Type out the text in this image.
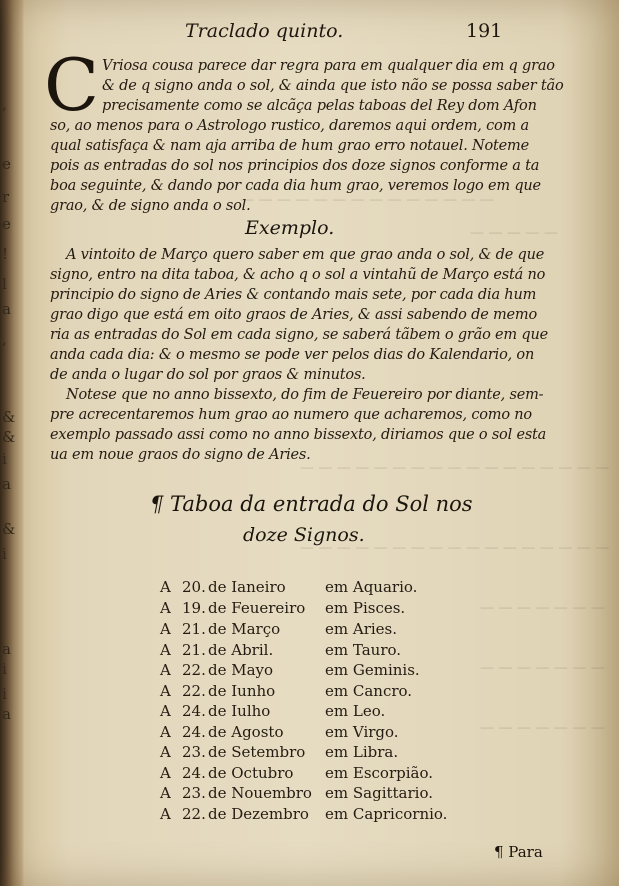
,
e
r
e
!
l
a
,
&
&
i
a
&
i
a
i
i
a
— — — — — — — — — — — — — —
— — — — —
— — — — — — — — — — — — — — — — —
— — — — — — — — — — — — — — — — —
— — — — — — —
— — — — — — —
— — — — — — —
Traclado quinto.	191
C Vriosa cousa parece dar regra para em qualquer dia em q grao
& de q signo anda o sol, & ainda que isto não se possa saber tão
precisamente como se alcãça pelas taboas del Rey dom Afon
so, ao menos para o Astrologo rustico, daremos aqui ordem, com a
qual satisfaça & nam aja arriba de hum grao erro notauel. Noteme
pois as entradas do sol nos principios dos doze signos conforme a ta
boa seguinte, & dando por cada dia hum grao, veremos logo em que
grao, & de signo anda o sol.
Exemplo.
A vintoito de Março quero saber em que grao anda o sol, & de que
signo, entro na dita taboa, & acho q o sol a vintahũ de Março está no
principio do signo de Aries & contando mais sete, por cada dia hum
grao digo que está em oito graos de Aries, & assi sabendo de memo
ria as entradas do Sol em cada signo, se saberá tãbem o grão em que
anda cada dia: & o mesmo se pode ver pelos dias do Kalendario, on
de anda o lugar do sol por graos & minutos.
Notese que no anno bissexto, do fim de Feuereiro por diante, sem-
pre acrecentaremos hum grao ao numero que acharemos, como no
exemplo passado assi como no anno bissexto, diriamos que o sol esta
ua em noue graos do signo de Aries.
¶ Taboa da entrada do Sol nos
doze Signos.
A 20. de Ianeiro	em Aquario.
A 19. de Feuereiro em Pisces.
A 21. de Março	em Aries.
A 21. de Abril.	em Tauro.
A 22. de Mayo	em Geminis.
A 22. de Iunho	em Cancro.
A 24. de Iulho	em Leo.
A 24. de Agosto	em Virgo.
A 23. de Setembro em Libra.
A 24. de Octubro em Escorpião.
A 23. de Nouembro em Sagittario.
A 22. de Dezembro em Capricornio.
¶ Para
